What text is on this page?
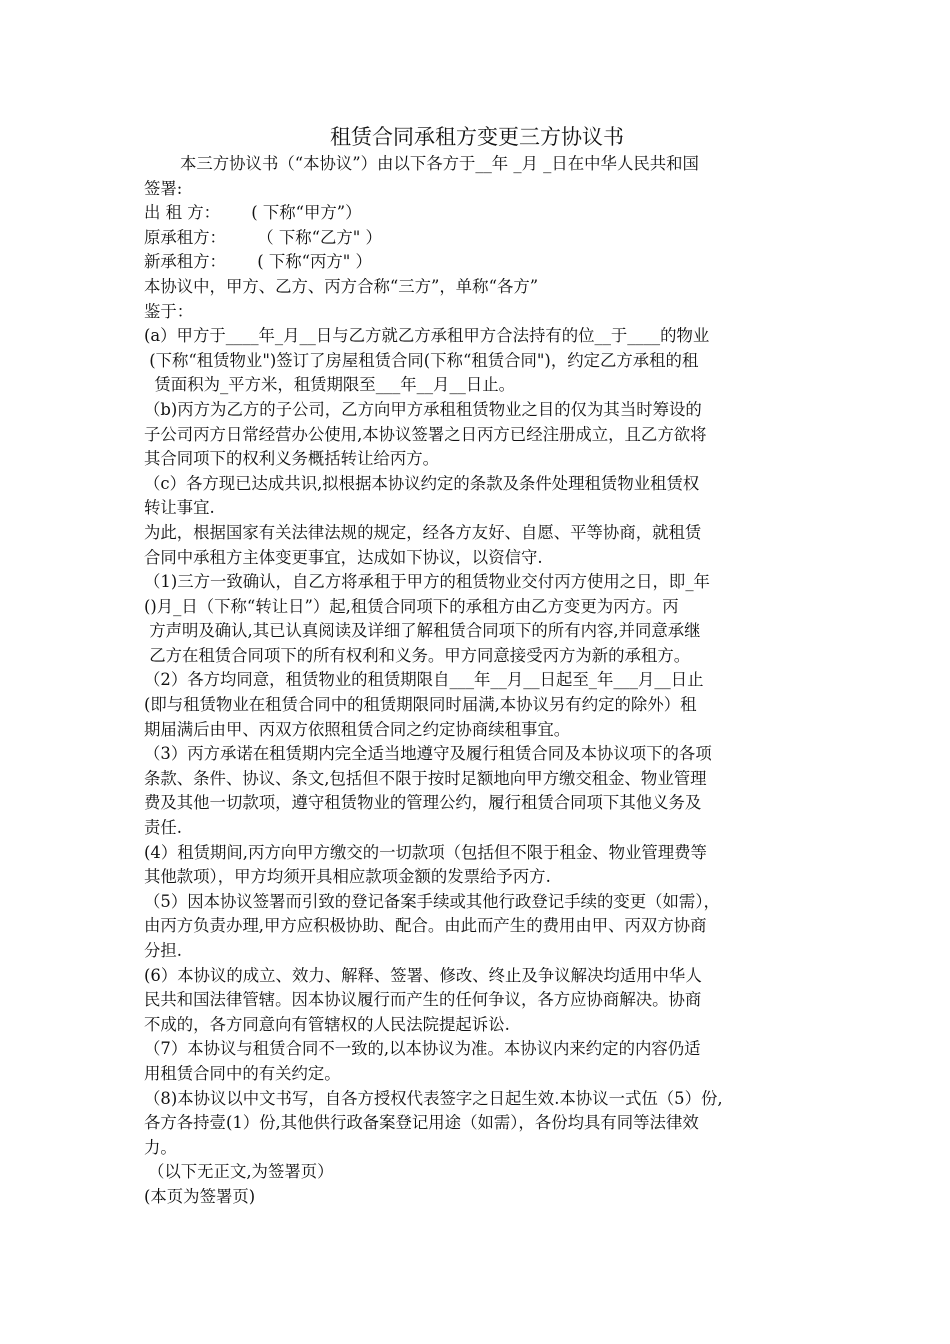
租赁合同承租方变更三方协议书

本三方协议书（“本协议”）由以下各方于__年 _月 _日在中华人民共和国

签署:

出 租 方：      ( 下称“甲方”）

原承租方：      （ 下称“乙方" ）

新承租方：      ( 下称“丙方" ）

本协议中，甲方、乙方、丙方合称“三方”，单称“各方”

鉴于：

(a）甲方于____年_月__日与乙方就乙方承租甲方合法持有的位__于____的物业

(下称“租赁物业")签订了房屋租赁合同(下称“租赁合同")，约定乙方承租的租

赁面积为_平方米，租赁期限至___年__月__日止。

（b)丙方为乙方的子公司，乙方向甲方承租租赁物业之目的仅为其当时筹设的

子公司丙方日常经营办公使用,本协议签署之日丙方已经注册成立，且乙方欲将

其合同项下的权利义务概括转让给丙方。

（c）各方现已达成共识,拟根据本协议约定的条款及条件处理租赁物业租赁权

转让事宜.

为此，根据国家有关法律法规的规定，经各方友好、自愿、平等协商，就租赁

合同中承租方主体变更事宜，达成如下协议，以资信守.

（1)三方一致确认，自乙方将承租于甲方的租赁物业交付丙方使用之日，即_年

()月_日（下称“转让日”）起,租赁合同项下的承租方由乙方变更为丙方。丙

方声明及确认,其已认真阅读及详细了解租赁合同项下的所有内容,并同意承继

乙方在租赁合同项下的所有权利和义务。甲方同意接受丙方为新的承租方。

（2）各方均同意，租赁物业的租赁期限自___年__月__日起至_年___月__日止

(即与租赁物业在租赁合同中的租赁期限同时届满,本协议另有约定的除外）租

期届满后由甲、丙双方依照租赁合同之约定协商续租事宜。

（3）丙方承诺在租赁期内完全适当地遵守及履行租赁合同及本协议项下的各项

条款、条件、协议、条文,包括但不限于按时足额地向甲方缴交租金、物业管理

费及其他一切款项，遵守租赁物业的管理公约，履行租赁合同项下其他义务及

责任.

(4）租赁期间,丙方向甲方缴交的一切款项（包括但不限于租金、物业管理费等

其他款项），甲方均须开具相应款项金额的发票给予丙方.

（5）因本协议签署而引致的登记备案手续或其他行政登记手续的变更（如需），

由丙方负责办理,甲方应积极协助、配合。由此而产生的费用由甲、丙双方协商

分担.

(6）本协议的成立、效力、解释、签署、修改、终止及争议解决均适用中华人

民共和国法律管辖。因本协议履行而产生的任何争议，各方应协商解决。协商

不成的，各方同意向有管辖权的人民法院提起诉讼.

（7）本协议与租赁合同不一致的,以本协议为准。本协议内来约定的内容仍适

用租赁合同中的有关约定。

（8)本协议以中文书写，自各方授权代表签字之日起生效.本协议一式伍（5）份,

各方各持壹(1）份,其他供行政备案登记用途（如需），各份均具有同等法律效

力。

（以下无正文,为签署页）

(本页为签署页)
